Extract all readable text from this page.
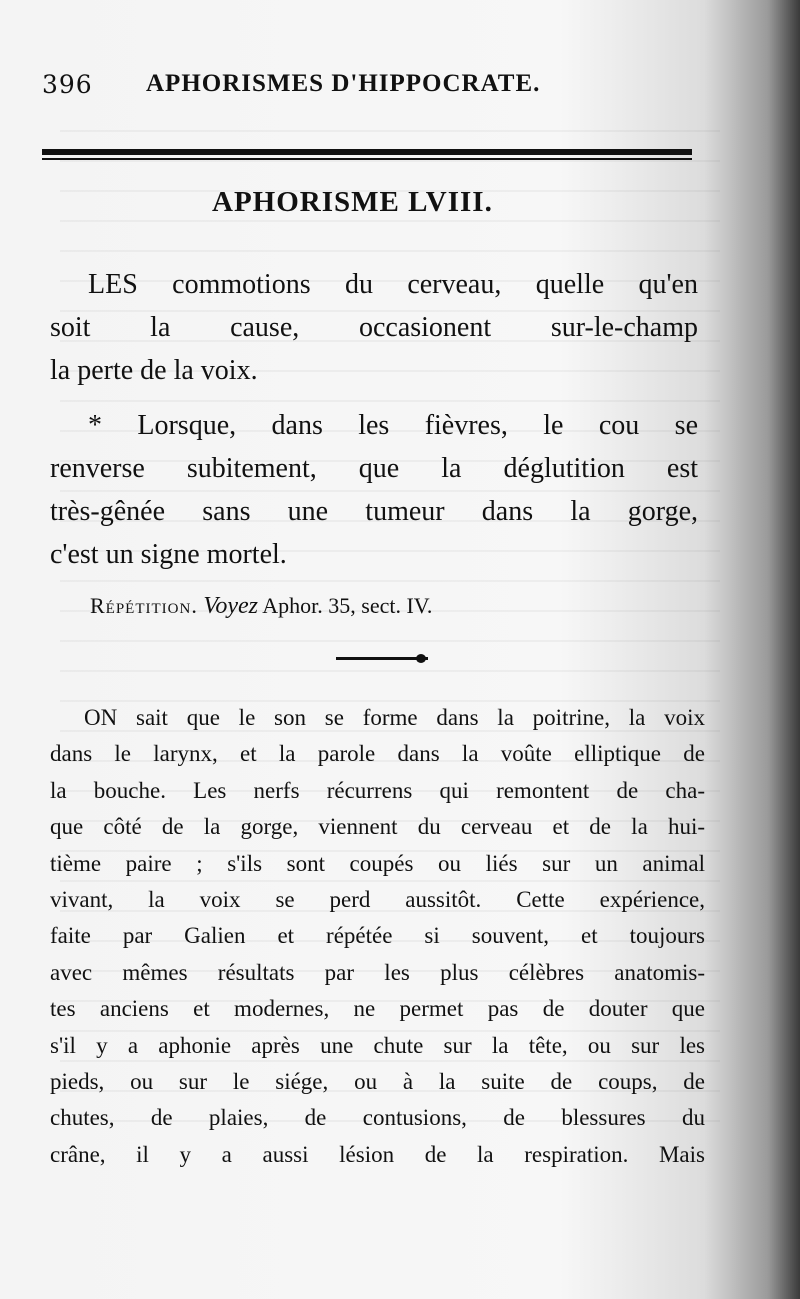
396 APHORISMES D'HIPPOCRATE.
APHORISME LVIII.

LES commotions du cerveau, quelle qu'en
soit la cause, occasionent sur-le-champ
la perte de la voix.

* Lorsque, dans les fièvres, le cou se
renverse subitement, que la déglutition est
très-gênée sans une tumeur dans la gorge,
c'est un signe mortel.

Répétition. Voyez Aphor. 35, sect. IV.

ON sait que le son se forme dans la poitrine, la voix
dans le larynx, et la parole dans la voûte elliptique de
la bouche. Les nerfs récurrens qui remontent de cha-
que côté de la gorge, viennent du cerveau et de la hui-
tième paire ; s'ils sont coupés ou liés sur un animal
vivant, la voix se perd aussitôt. Cette expérience,
faite par Galien et répétée si souvent, et toujours
avec mêmes résultats par les plus célèbres anatomis-
tes anciens et modernes, ne permet pas de douter que
s'il y a aphonie après une chute sur la tête, ou sur les
pieds, ou sur le siége, ou à la suite de coups, de
chutes, de plaies, de contusions, de blessures du
crâne, il y a aussi lésion de la respiration. Mais
